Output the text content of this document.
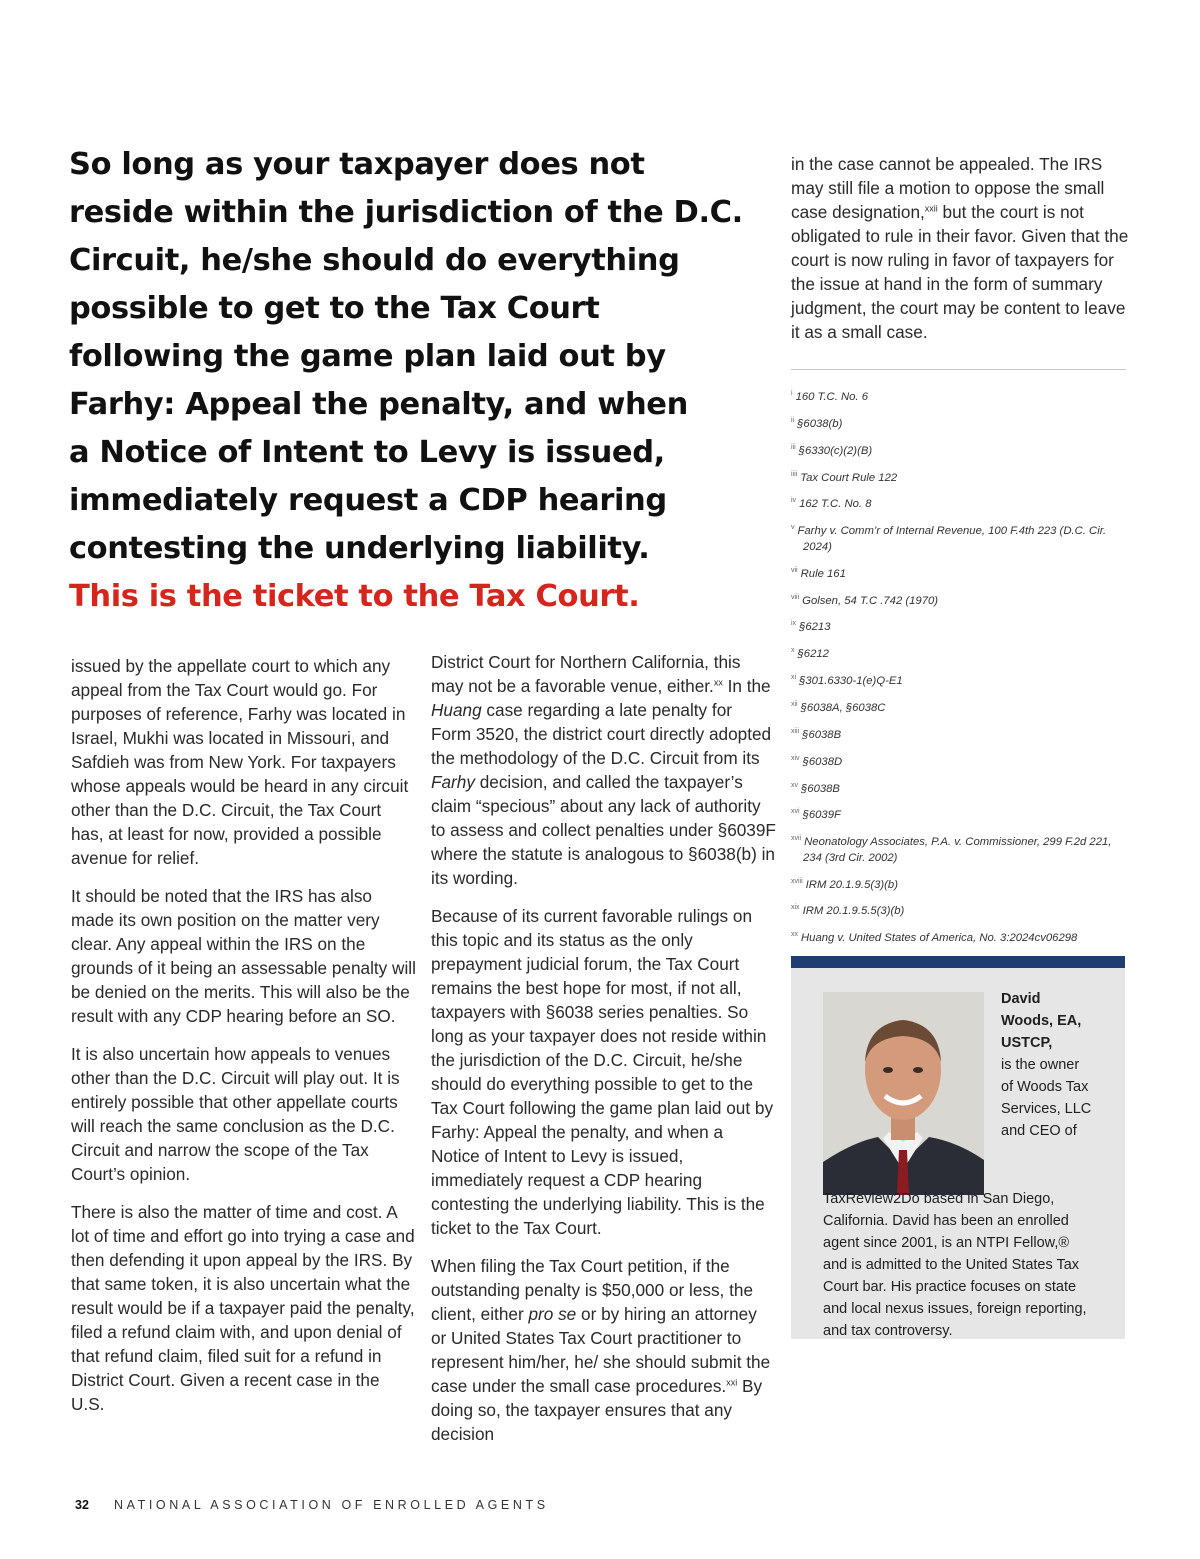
So long as your taxpayer does not
reside within the jurisdiction of the D.C.
Circuit, he/she should do everything
possible to get to the Tax Court
following the game plan laid out by
Farhy: Appeal the penalty, and when
a Notice of Intent to Levy is issued,
immediately request a CDP hearing
contesting the underlying liability.
This is the ticket to the Tax Court.

issued by the appellate court to which any appeal from the Tax Court would go. For purposes of reference, Farhy was located in Israel, Mukhi was located in Missouri, and Safdieh was from New York. For taxpayers whose appeals would be heard in any circuit other than the D.C. Circuit, the Tax Court has, at least for now, provided a possible avenue for relief.

It should be noted that the IRS has also made its own position on the matter very clear. Any appeal within the IRS on the grounds of it being an assessable penalty will be denied on the merits. This will also be the result with any CDP hearing before an SO.

It is also uncertain how appeals to venues other than the D.C. Circuit will play out. It is entirely possible that other appellate courts will reach the same conclusion as the D.C. Circuit and narrow the scope of the Tax Court’s opinion.

There is also the matter of time and cost. A lot of time and effort go into trying a case and then defending it upon appeal by the IRS. By that same token, it is also uncertain what the result would be if a taxpayer paid the penalty, filed a refund claim with, and upon denial of that refund claim, filed suit for a refund in District Court. Given a recent case in the U.S.

District Court for Northern California, this may not be a favorable venue, either.$^{xx}$ In the Huang case regarding a late penalty for Form 3520, the district court directly adopted the methodology of the D.C. Circuit from its Farhy decision, and called the taxpayer’s claim “specious” about any lack of authority to assess and collect penalties under §6039F where the statute is analogous to §6038(b) in its wording.

Because of its current favorable rulings on this topic and its status as the only prepayment judicial forum, the Tax Court remains the best hope for most, if not all, taxpayers with §6038 series penalties. So long as your taxpayer does not reside within the jurisdiction of the D.C. Circuit, he/she should do everything possible to get to the Tax Court following the game plan laid out by Farhy: Appeal the penalty, and when a Notice of Intent to Levy is issued, immediately request a CDP hearing contesting the underlying liability. This is the ticket to the Tax Court.

When filing the Tax Court petition, if the outstanding penalty is $50,000 or less, the client, either pro se or by hiring an attorney or United States Tax Court practitioner to represent him/her, he/ she should submit the case under the small case procedures.$^{xxi}$ By doing so, the taxpayer ensures that any decision

in the case cannot be appealed. The IRS may still file a motion to oppose the small case designation,$^{xxii}$ but the court is not obligated to rule in their favor. Given that the court is now ruling in favor of taxpayers for the issue at hand in the form of summary judgment, the court may be content to leave it as a small case.

$^i$ 160 T.C. No. 6
$^{ii}$ §6038(b)
$^{iii}$ §6330(c)(2)(B)
$^{iiii}$ Tax Court Rule 122
$^{iv}$ 162 T.C. No. 8
$^v$ Farhy v. Comm’r of Internal Revenue, 100 F.4th 223 (D.C. Cir. 2024)
$^{vii}$ Rule 161
$^{viii}$ Golsen, 54 T.C .742 (1970)
$^{ix}$ §6213
$^x$ §6212
$^{xi}$ §301.6330-1(e)Q-E1
$^{xii}$ §6038A, §6038C
$^{xiii}$ §6038B
$^{xiv}$ §6038D
$^{xv}$ §6038B
$^{xvi}$ §6039F
$^{xvii}$ Neonatology Associates, P.A. v. Commissioner, 299 F.2d 221, 234 (3rd Cir. 2002)
$^{xviii}$ IRM 20.1.9.5(3)(b)
$^{xix}$ IRM 20.1.9.5.5(3)(b)
$^{xx}$ Huang v. United States of America, No. 3:2024cv06298
David Woods, EA, USTCP,
is the owner of Woods Tax Services, LLC and CEO of TaxReview2Do based in San Diego, California. David has been an enrolled agent since 2001, is an NTPI Fellow,® and is admitted to the United States Tax Court bar. His practice focuses on state and local nexus issues, foreign reporting, and tax controversy.
32 NATIONAL ASSOCIATION OF ENROLLED AGENTS
